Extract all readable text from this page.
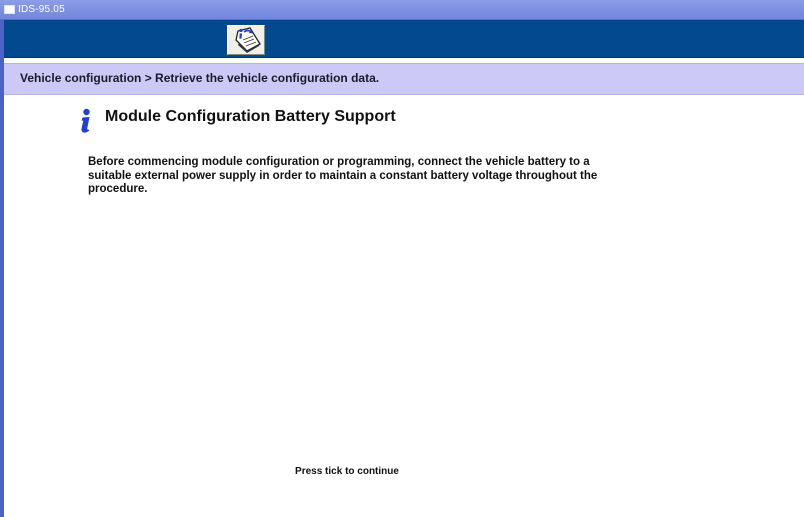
IDS-95.05
Vehicle configuration > Retrieve the vehicle configuration data.
Module Configuration Battery Support
Before commencing module configuration or programming, connect the vehicle battery to a suitable external power supply in order to maintain a constant battery voltage throughout the procedure.
Press tick to continue
